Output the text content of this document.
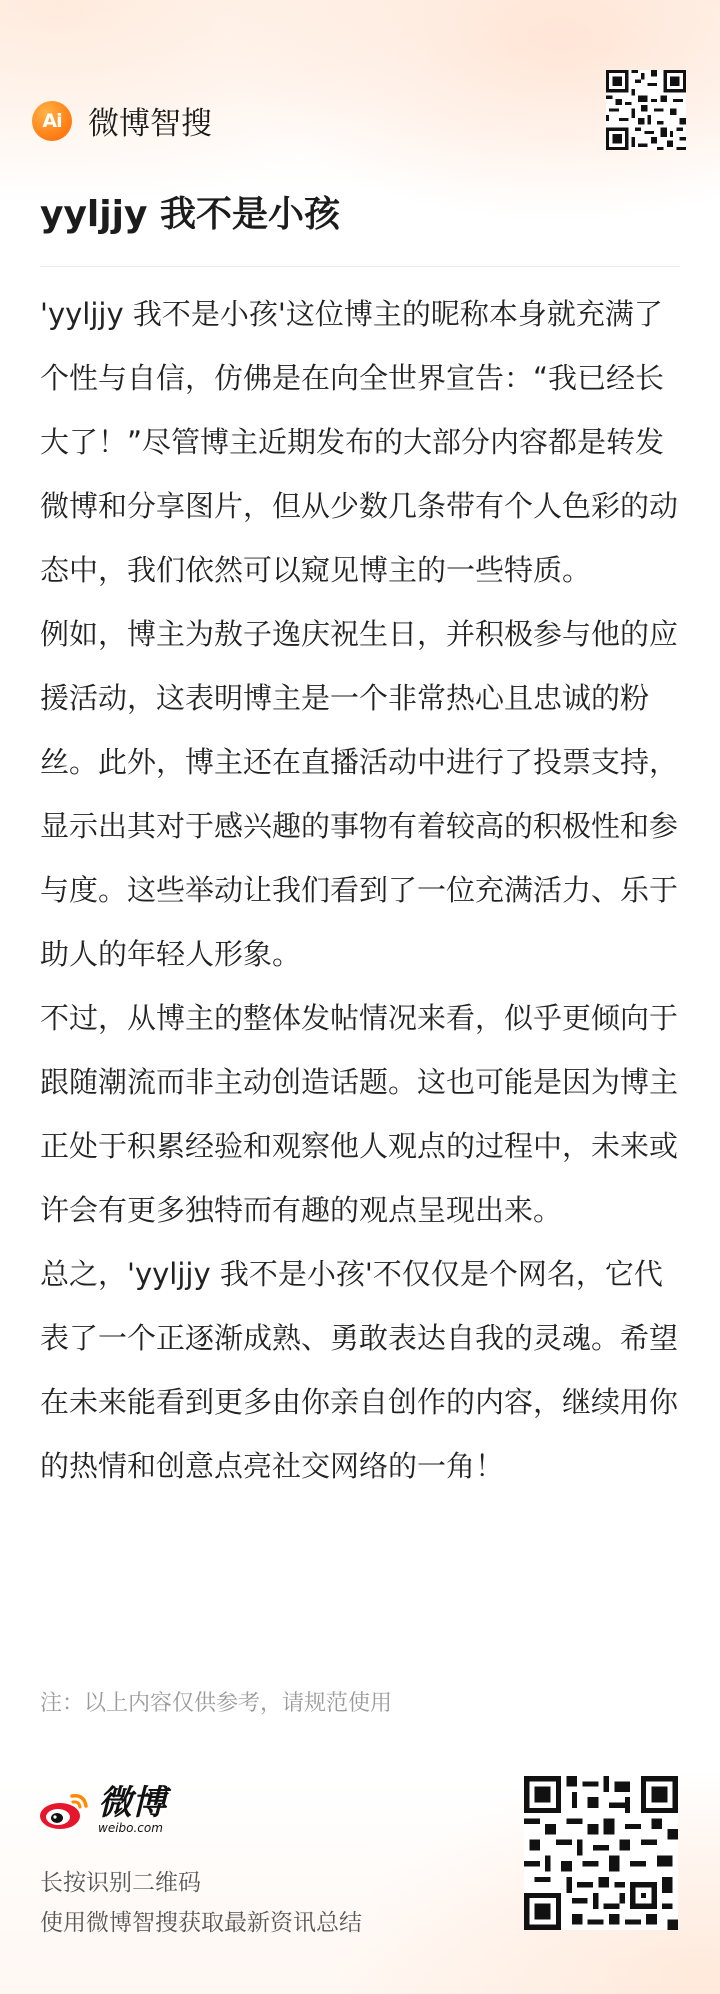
Ai 微博智搜
yyljjy 我不是小孩

'yyljjy 我不是小孩'这位博主的昵称本身就充满了个性与自信，仿佛是在向全世界宣告：“我已经长大了！”尽管博主近期发布的大部分内容都是转发微博和分享图片，但从少数几条带有个人色彩的动态中，我们依然可以窥见博主的一些特质。

例如，博主为敖子逸庆祝生日，并积极参与他的应援活动，这表明博主是一个非常热心且忠诚的粉丝。此外，博主还在直播活动中进行了投票支持，显示出其对于感兴趣的事物有着较高的积极性和参与度。这些举动让我们看到了一位充满活力、乐于助人的年轻人形象。

不过，从博主的整体发帖情况来看，似乎更倾向于跟随潮流而非主动创造话题。这也可能是因为博主正处于积累经验和观察他人观点的过程中，未来或许会有更多独特而有趣的观点呈现出来。

总之，'yyljjy 我不是小孩'不仅仅是个网名，它代表了一个正逐渐成熟、勇敢表达自我的灵魂。希望在未来能看到更多由你亲自创作的内容，继续用你的热情和创意点亮社交网络的一角！

注：以上内容仅供参考，请规范使用
微博
weibo.com
长按识别二维码
使用微博智搜获取最新资讯总结
